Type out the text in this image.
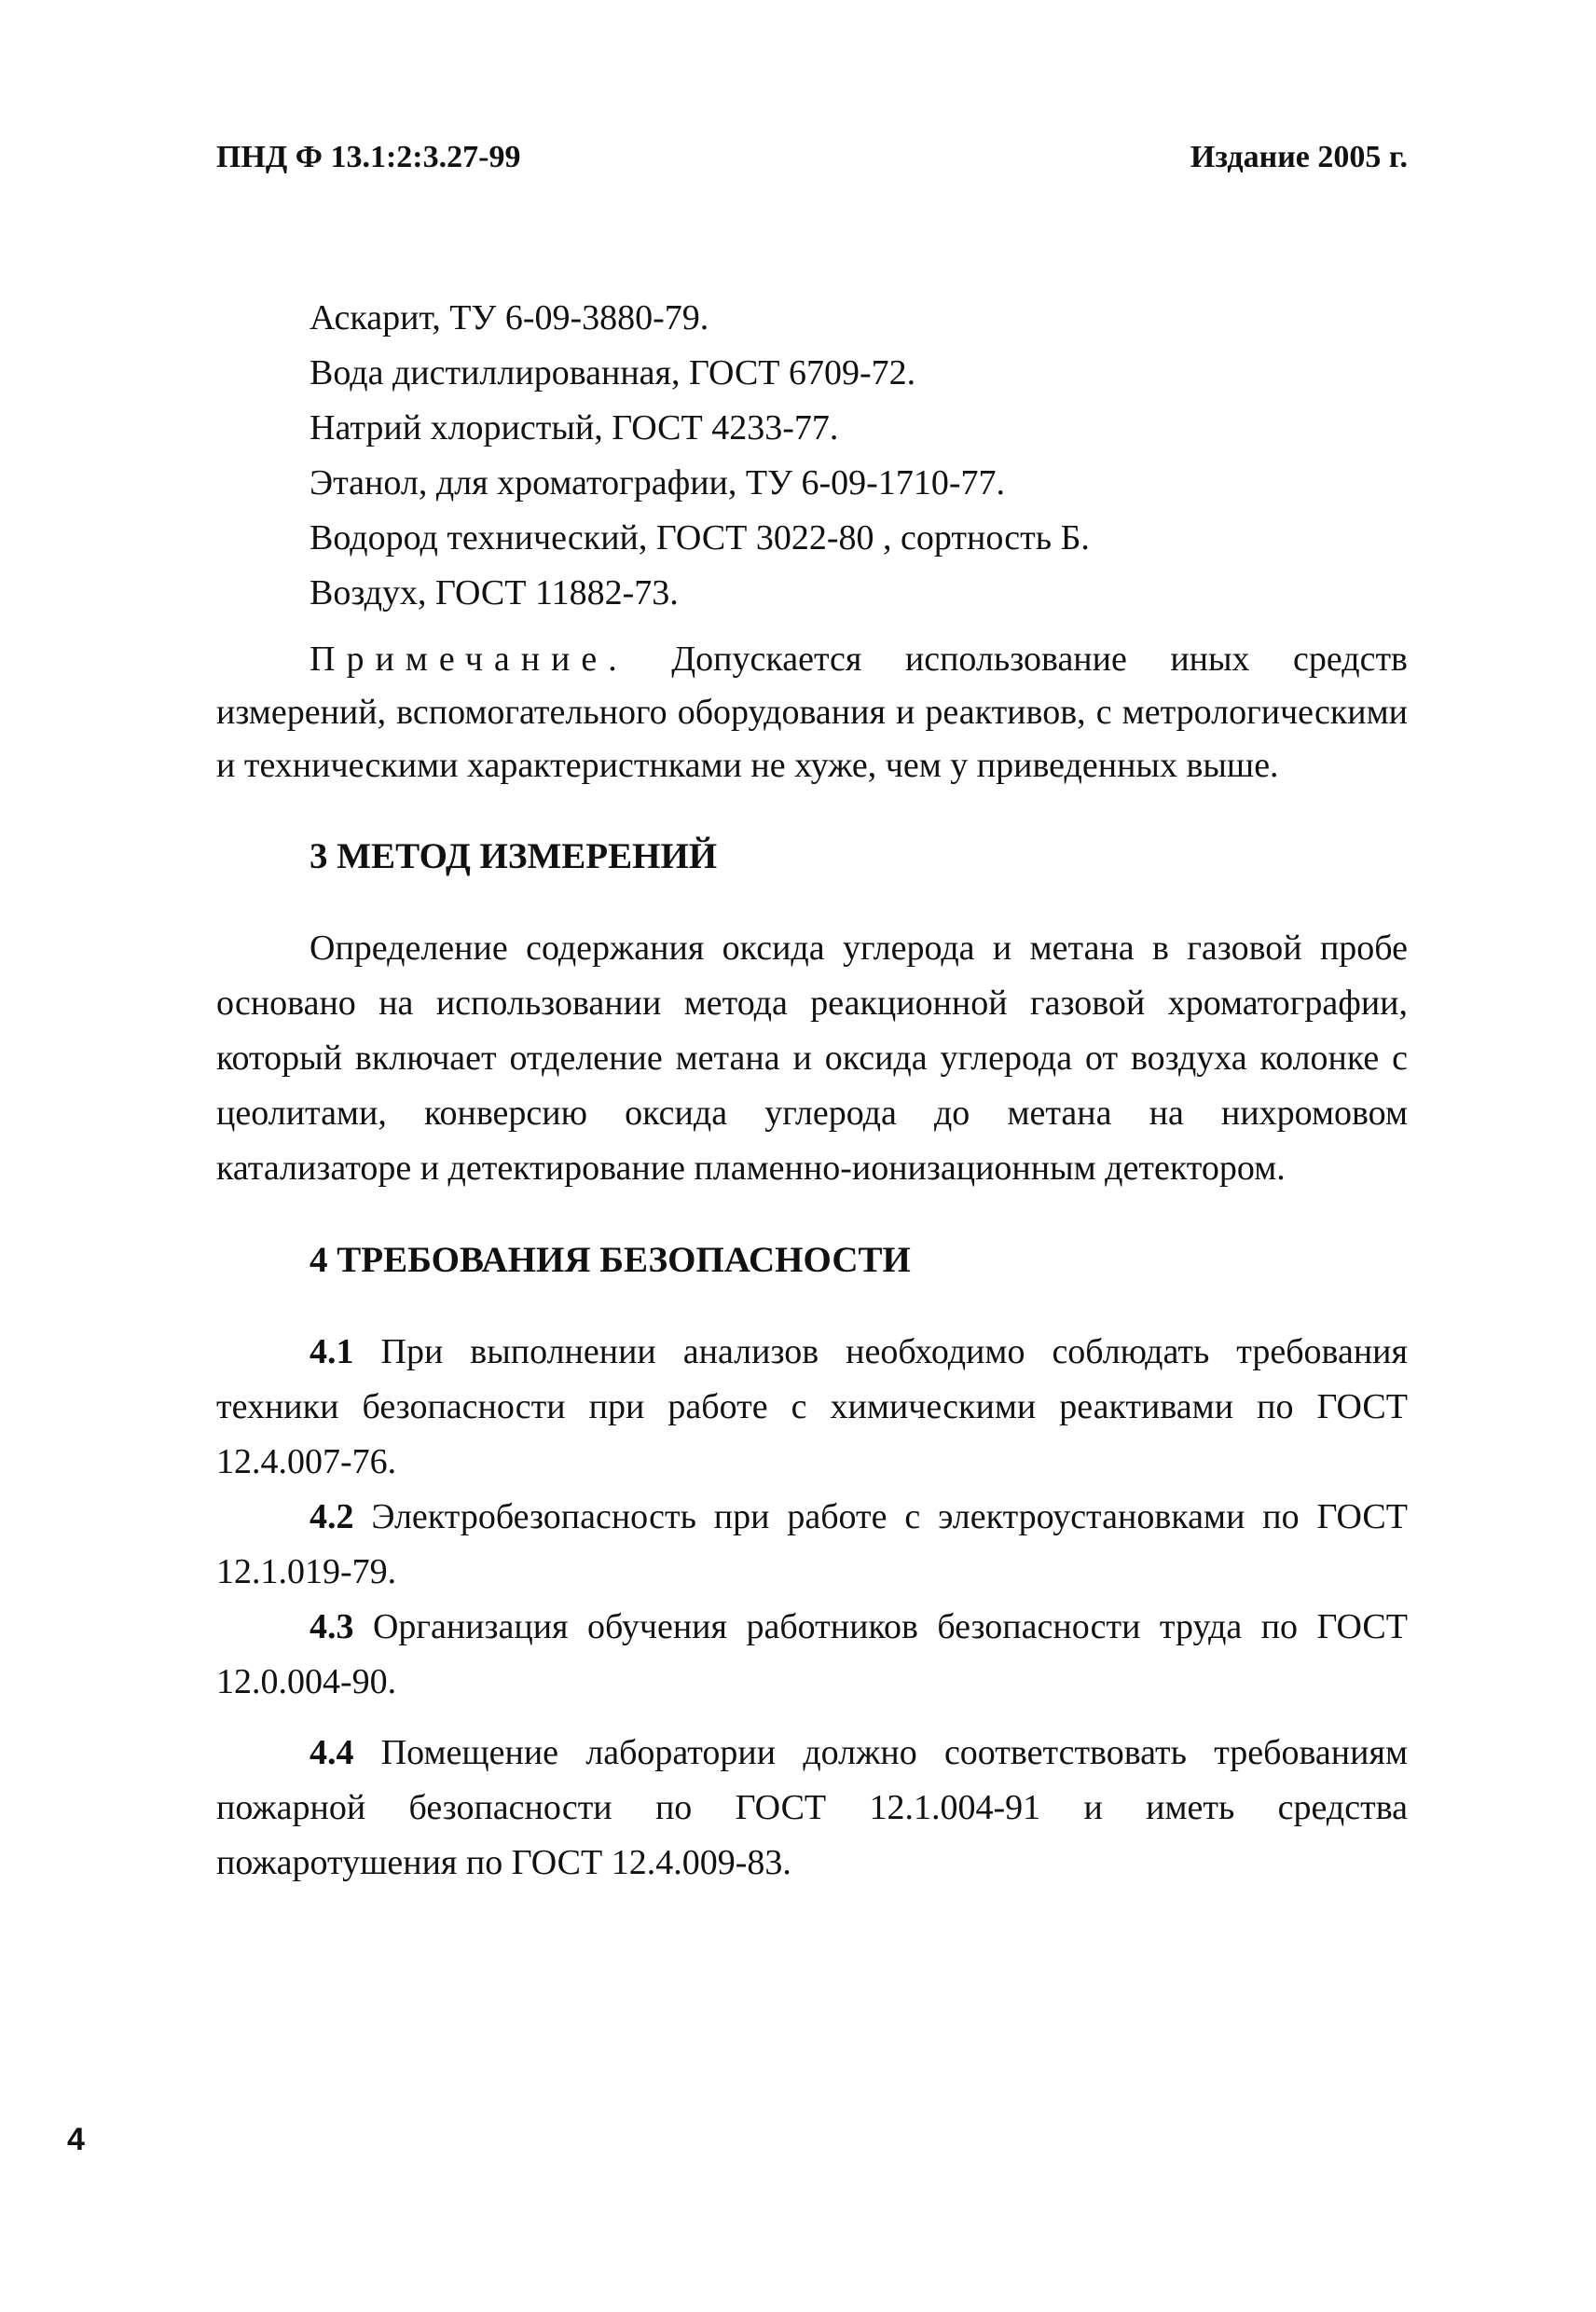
ПНД Ф 13.1:2:3.27-99	Издание 2005 г.

Аскарит, ТУ 6-09-3880-79.

Вода дистиллированная, ГОСТ 6709-72.

Натрий хлористый, ГОСТ 4233-77.

Этанол, для хроматографии, ТУ 6-09-1710-77.

Водород технический, ГОСТ 3022-80 , сортность Б.

Воздух, ГОСТ 11882-73.

Примечание. Допускается использование иных средств измерений, вспомогательного оборудования и реактивов, с метрологическими и техническими характеристнками не хуже, чем у приведенных выше.

3 МЕТОД ИЗМЕРЕНИЙ

Определение содержания оксида углерода и метана в газовой пробе основано на использовании метода реакционной газовой хроматографии, который включает отделение метана и оксида углерода от воздуха колонке с цеолитами, конверсию оксида углерода до метана на нихромовом катализаторе и детектирование пламенно-ионизационным детектором.

4 ТРЕБОВАНИЯ БЕЗОПАСНОСТИ

4.1 При выполнении анализов необходимо соблюдать требования техники безопасности при работе с химическими реактивами по ГОСТ 12.4.007-76.

4.2 Электробезопасность при работе с электроустановками по ГОСТ 12.1.019-79.

4.3 Организация обучения работников безопасности труда по ГОСТ 12.0.004-90.

4.4 Помещение лаборатории должно соответствовать требованиям пожарной безопасности по ГОСТ 12.1.004-91 и иметь средства пожаротушения по ГОСТ 12.4.009-83.

4
